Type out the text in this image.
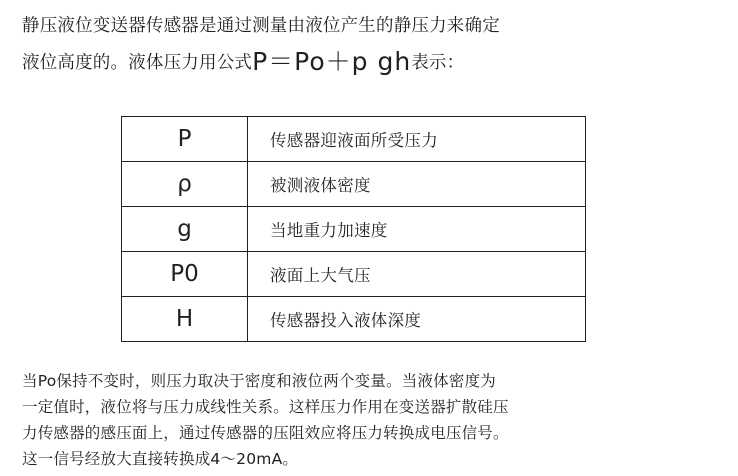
静压液位变送器传感器是通过测量由液位产生的静压力来确定
液位高度的。液体压力用公式P＝Po＋p gh表示：
P	传感器迎液面所受压力
ρ	被测液体密度
g	当地重力加速度
P0	液面上大气压
H	传感器投入液体深度
当Po保持不变时，则压力取决于密度和液位两个变量。当液体密度为
一定值时，液位将与压力成线性关系。这样压力作用在变送器扩散硅压
力传感器的感压面上，通过传感器的压阻效应将压力转换成电压信号。
这一信号经放大直接转换成4～20mA。
